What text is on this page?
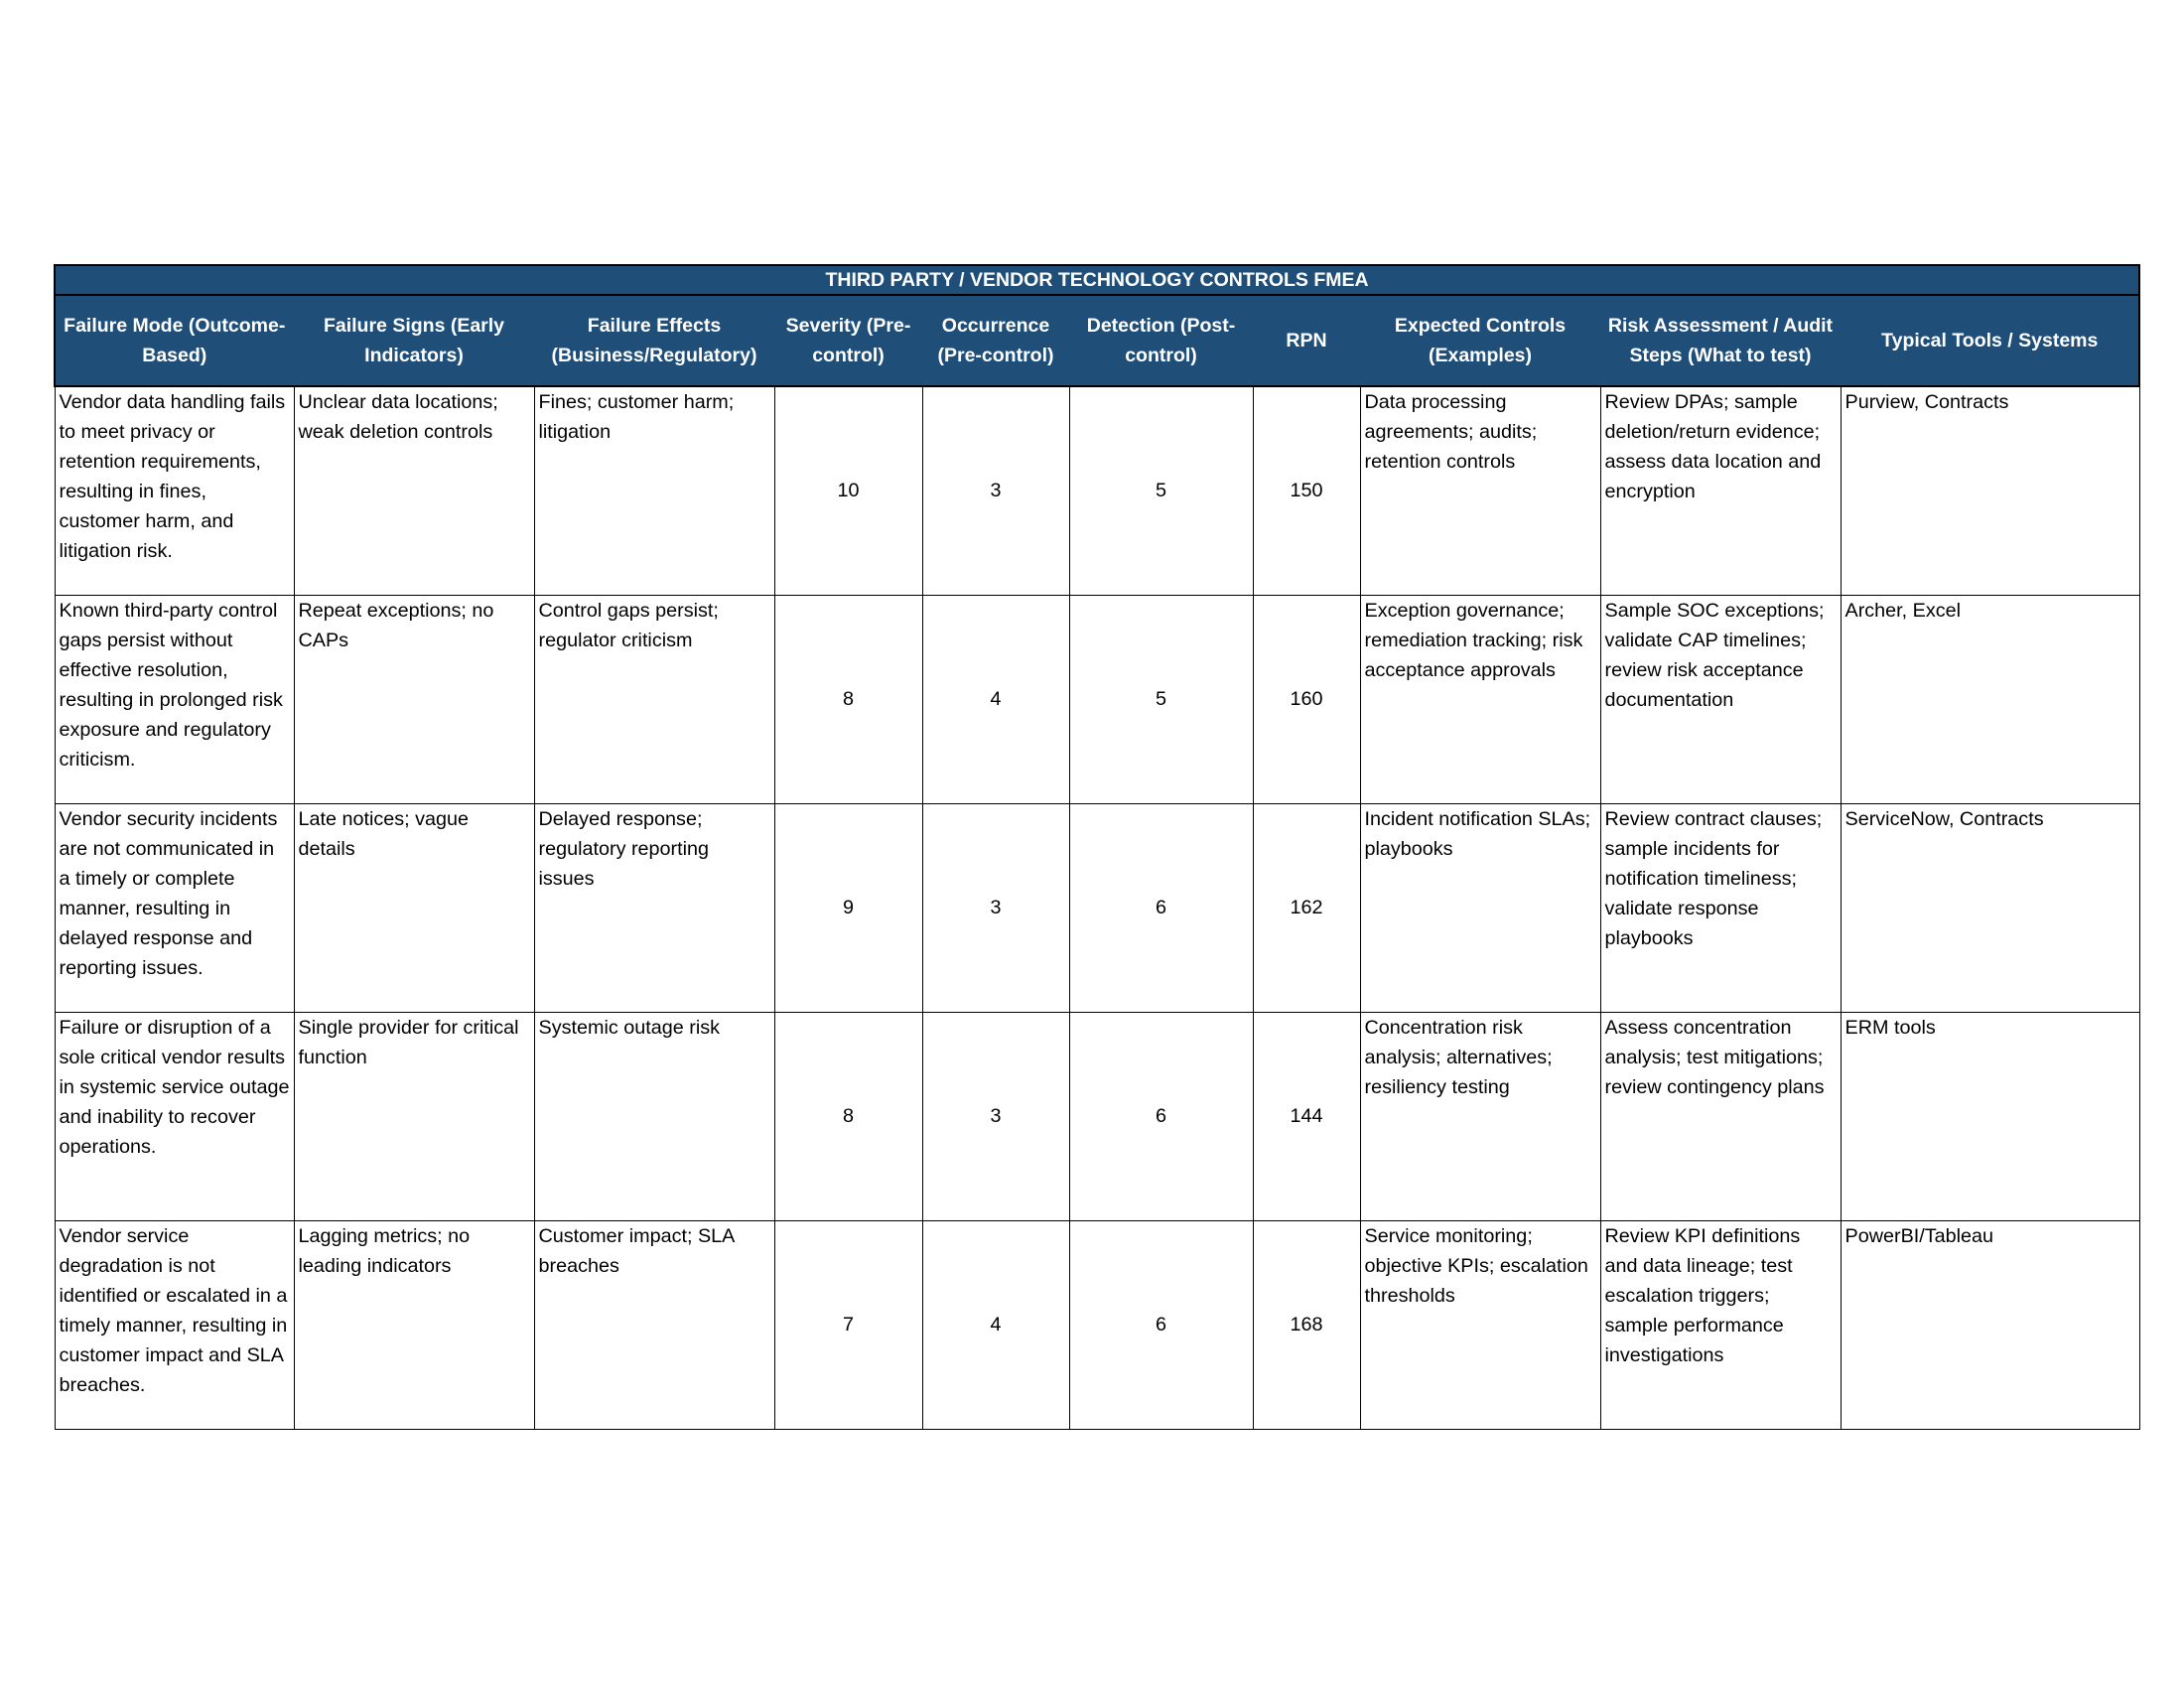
THIRD PARTY / VENDOR TECHNOLOGY CONTROLS FMEA									
Failure Mode (Outcome-Based)	Failure Signs (Early Indicators)	Failure Effects (Business/Regulatory)	Severity (Pre-control)	Occurrence (Pre-control)	Detection (Post-control)	RPN	Expected Controls (Examples)	Risk Assessment / Audit Steps (What to test)	Typical Tools / Systems
Vendor data handling fails to meet privacy or retention requirements, resulting in fines, customer harm, and litigation risk.	Unclear data locations; weak deletion controls	Fines; customer harm; litigation	10	3	5	150	Data processing agreements; audits; retention controls	Review DPAs; sample deletion/return evidence; assess data location and encryption	Purview, Contracts
Known third-party control gaps persist without effective resolution, resulting in prolonged risk exposure and regulatory criticism.	Repeat exceptions; no CAPs	Control gaps persist; regulator criticism	8	4	5	160	Exception governance; remediation tracking; risk acceptance approvals	Sample SOC exceptions; validate CAP timelines; review risk acceptance documentation	Archer, Excel
Vendor security incidents are not communicated in a timely or complete manner, resulting in delayed response and reporting issues.	Late notices; vague details	Delayed response; regulatory reporting issues	9	3	6	162	Incident notification SLAs; playbooks	Review contract clauses; sample incidents for notification timeliness; validate response playbooks	ServiceNow, Contracts
Failure or disruption of a sole critical vendor results in systemic service outage and inability to recover operations.	Single provider for critical function	Systemic outage risk	8	3	6	144	Concentration risk analysis; alternatives; resiliency testing	Assess concentration analysis; test mitigations; review contingency plans	ERM tools
Vendor service degradation is not identified or escalated in a timely manner, resulting in customer impact and SLA breaches.	Lagging metrics; no leading indicators	Customer impact; SLA breaches	7	4	6	168	Service monitoring; objective KPIs; escalation thresholds	Review KPI definitions and data lineage; test escalation triggers; sample performance investigations	PowerBI/Tableau
